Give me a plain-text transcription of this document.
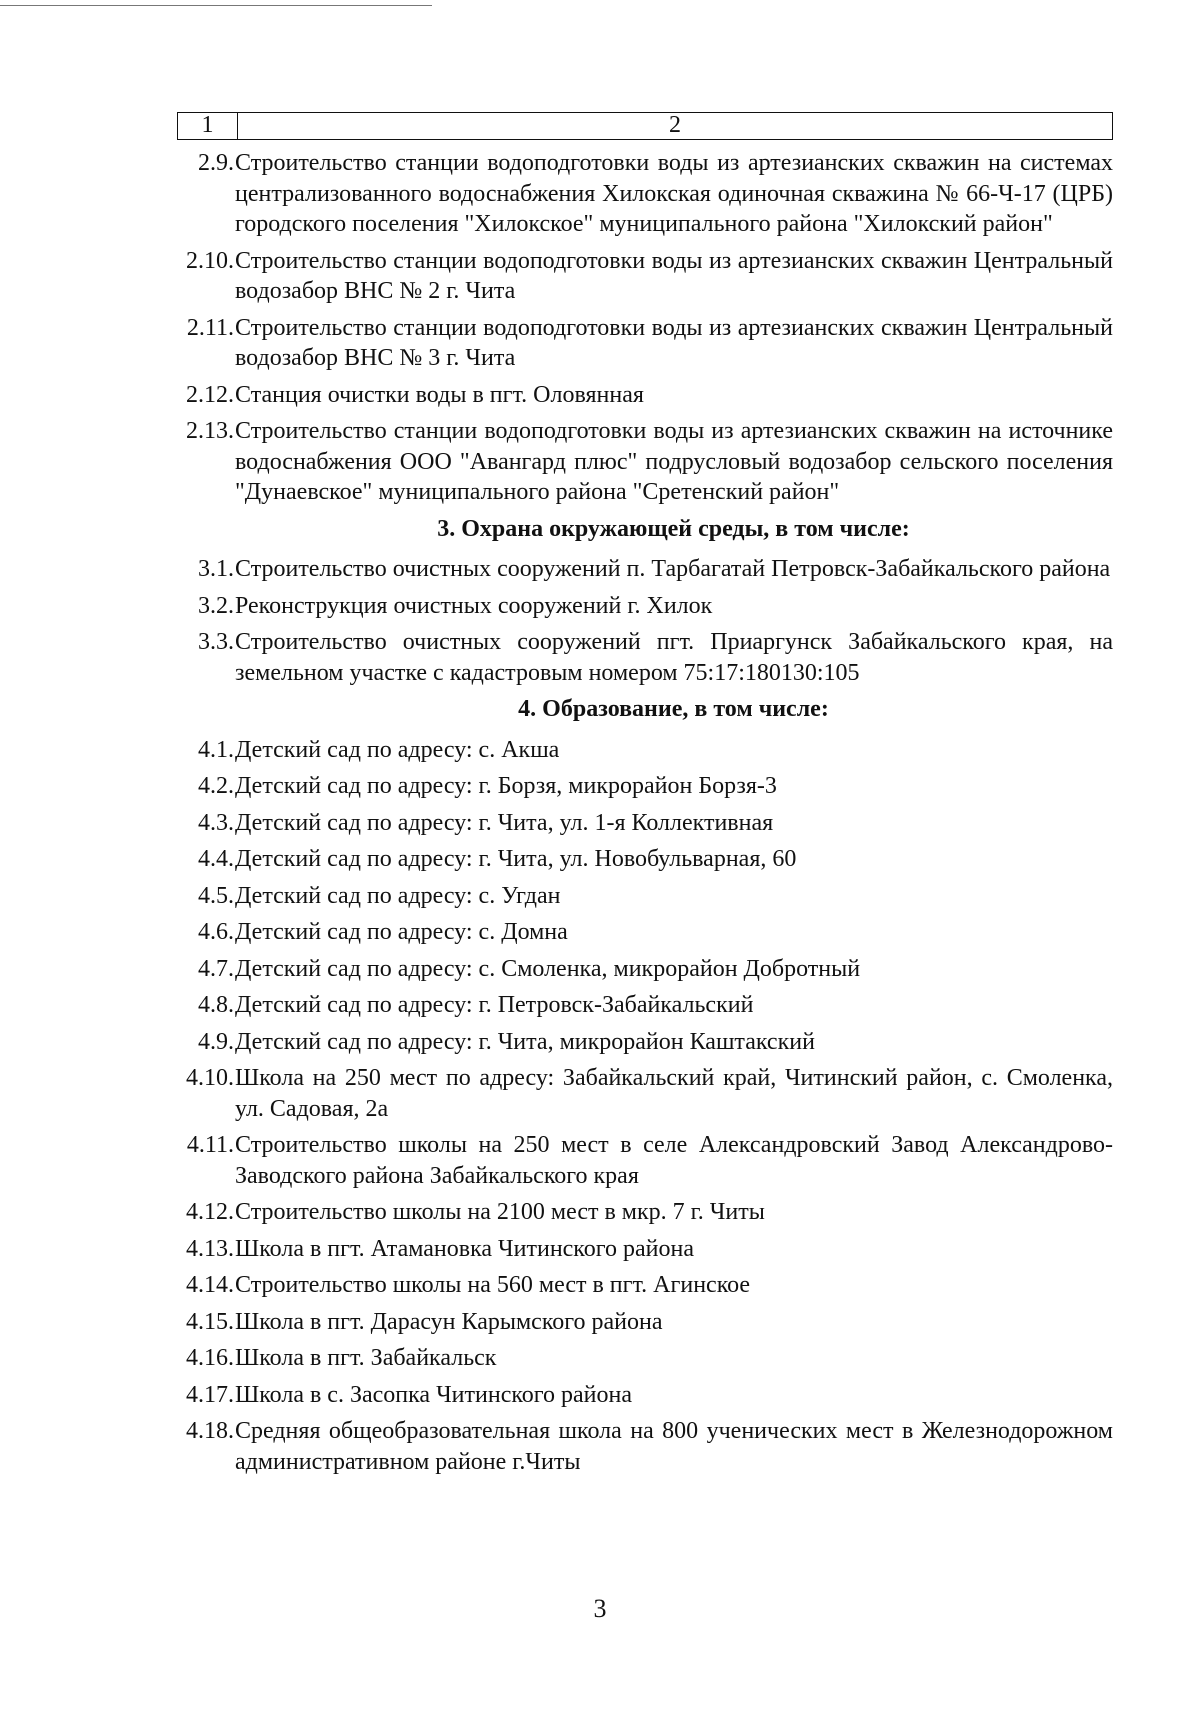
1	2
2.9. Строительство станции водоподготовки воды из артезианских скважин на системах централизованного водоснабжения Хилокская одиночная скважина № 66-Ч-17 (ЦРБ) городского поселения "Хилокское" муниципального района "Хилокский район"
2.10. Строительство станции водоподготовки воды из артезианских скважин Центральный водозабор ВНС № 2 г. Чита
2.11. Строительство станции водоподготовки воды из артезианских скважин Центральный водозабор ВНС № 3 г. Чита
2.12. Станция очистки воды в пгт. Оловянная
2.13. Строительство станции водоподготовки воды из артезианских скважин на источнике водоснабжения ООО "Авангард плюс" подрусловый водозабор сельского поселения "Дунаевское" муниципального района "Сретенский район"
3. Охрана окружающей среды, в том числе:
3.1. Строительство очистных сооружений п. Тарбагатай Петровск-Забайкальского района
3.2. Реконструкция очистных сооружений г. Хилок
3.3. Строительство очистных сооружений пгт. Приаргунск Забайкальского края, на земельном участке с кадастровым номером 75:17:180130:105
4. Образование, в том числе:
4.1. Детский сад по адресу: с. Акша
4.2. Детский сад по адресу: г. Борзя, микрорайон Борзя-3
4.3. Детский сад по адресу: г. Чита, ул. 1-я Коллективная
4.4. Детский сад по адресу: г. Чита, ул. Новобульварная, 60
4.5. Детский сад по адресу: с. Угдан
4.6. Детский сад по адресу: с. Домна
4.7. Детский сад по адресу: с. Смоленка, микрорайон Добротный
4.8. Детский сад по адресу: г. Петровск-Забайкальский
4.9. Детский сад по адресу: г. Чита, микрорайон Каштакский
4.10. Школа на 250 мест по адресу: Забайкальский край, Читинский район, с. Смоленка, ул. Садовая, 2а
4.11. Строительство школы на 250 мест в селе Александровский Завод Александрово-Заводского района Забайкальского края
4.12. Строительство школы на 2100 мест в мкр. 7 г. Читы
4.13. Школа в пгт. Атамановка Читинского района
4.14. Строительство школы на 560 мест в пгт. Агинское
4.15. Школа в пгт. Дарасун Карымского района
4.16. Школа в пгт. Забайкальск
4.17. Школа в с. Засопка Читинского района
4.18. Средняя общеобразовательная школа на 800 ученических мест в Железнодорожном административном районе г.Читы
3
